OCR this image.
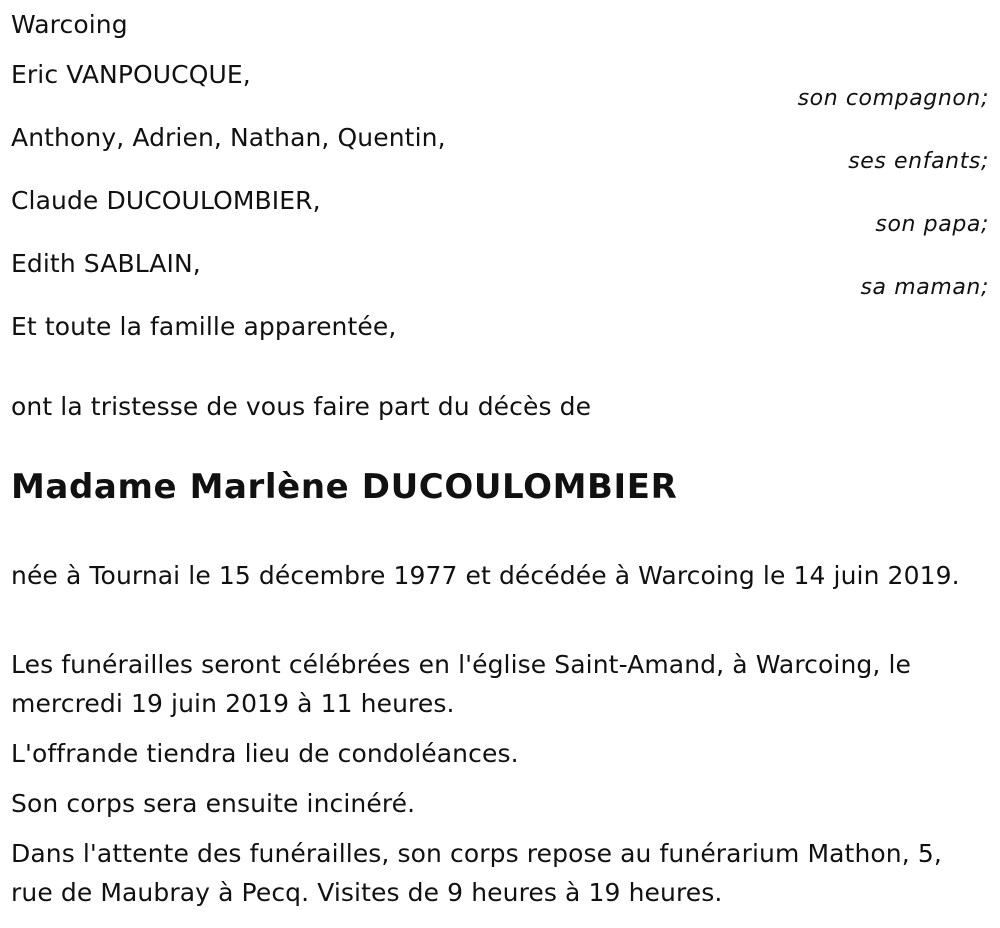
Warcoing
Eric VANPOUCQUE,
son compagnon;
Anthony, Adrien, Nathan, Quentin,
ses enfants;
Claude DUCOULOMBIER,
son papa;
Edith SABLAIN,
sa maman;
Et toute la famille apparentée,
ont la tristesse de vous faire part du décès de
Madame Marlène DUCOULOMBIER
née à Tournai le 15 décembre 1977 et décédée à Warcoing le 14 juin 2019.
Les funérailles seront célébrées en l'église Saint-Amand, à Warcoing, le mercredi 19 juin 2019 à 11 heures.
L'offrande tiendra lieu de condoléances.
Son corps sera ensuite incinéré.
Dans l'attente des funérailles, son corps repose au funérarium Mathon, 5, rue de Maubray à Pecq. Visites de 9 heures à 19 heures.
